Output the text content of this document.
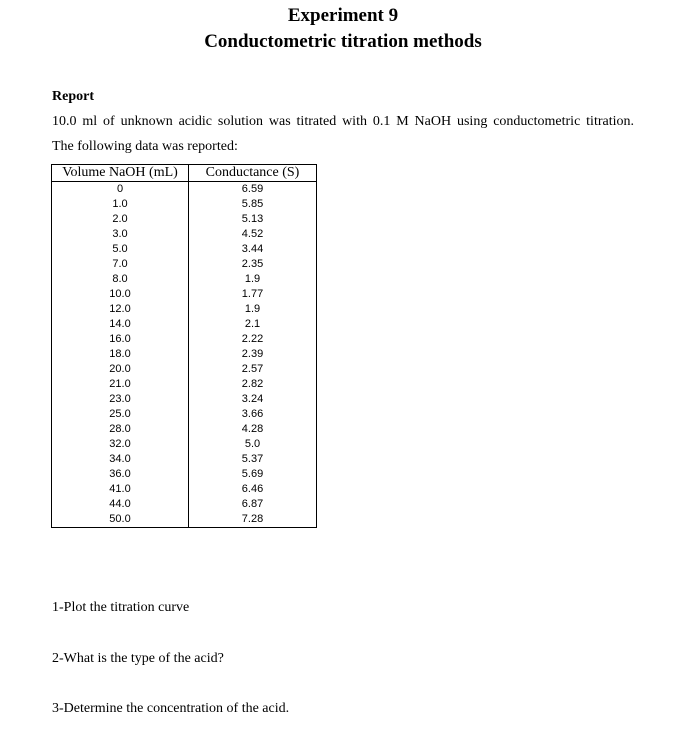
Experiment 9
Conductometric titration methods

Report

10.0 ml of unknown acidic solution was titrated with 0.1 M NaOH using conductometric titration.

The following data was reported:

Volume NaOH (mL)	Conductance (S)
0	6.59
1.0	5.85
2.0	5.13
3.0	4.52
5.0	3.44
7.0	2.35
8.0	1.9
10.0	1.77
12.0	1.9
14.0	2.1
16.0	2.22
18.0	2.39
20.0	2.57
21.0	2.82
23.0	3.24
25.0	3.66
28.0	4.28
32.0	5.0
34.0	5.37
36.0	5.69
41.0	6.46
44.0	6.87
50.0	7.28

1-Plot the titration curve

2-What is the type of the acid?

3-Determine the concentration of the acid.
